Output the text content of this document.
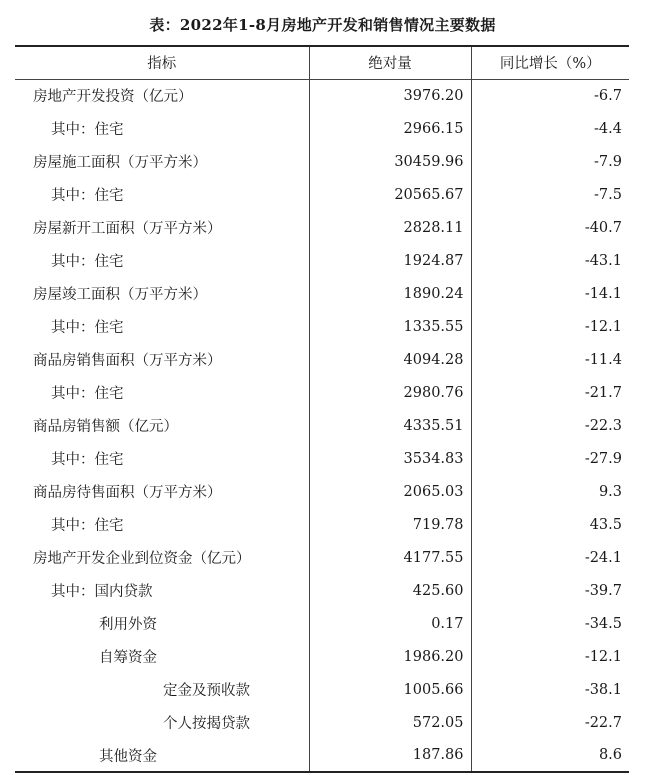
表：2022年1-8月房地产开发和销售情况主要数据
指标	绝对量	同比增长（%）
房地产开发投资（亿元）	3976.20	-6.7
其中：住宅	2966.15	-4.4
房屋施工面积（万平方米）	30459.96	-7.9
其中：住宅	20565.67	-7.5
房屋新开工面积（万平方米）	2828.11	-40.7
其中：住宅	1924.87	-43.1
房屋竣工面积（万平方米）	1890.24	-14.1
其中：住宅	1335.55	-12.1
商品房销售面积（万平方米）	4094.28	-11.4
其中：住宅	2980.76	-21.7
商品房销售额（亿元）	4335.51	-22.3
其中：住宅	3534.83	-27.9
商品房待售面积（万平方米）	2065.03	9.3
其中：住宅	719.78	43.5
房地产开发企业到位资金（亿元）	4177.55	-24.1
其中：国内贷款	425.60	-39.7
利用外资	0.17	-34.5
自筹资金	1986.20	-12.1
定金及预收款	1005.66	-38.1
个人按揭贷款	572.05	-22.7
其他资金	187.86	8.6
